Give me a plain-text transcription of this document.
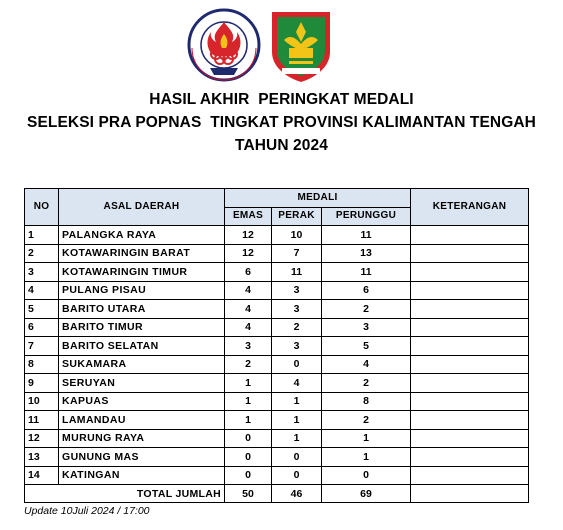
HASIL AKHIR  PERINGKAT MEDALI
SELEKSI PRA POPNAS  TINGKAT PROVINSI KALIMANTAN TENGAH
TAHUN 2024
NO	ASAL DAERAH	MEDALI			KETERANGAN
		EMAS	PERAK	PERUNGGU	
1	PALANGKA RAYA	12	10	11	
2	KOTAWARINGIN BARAT	12	7	13	
3	KOTAWARINGIN TIMUR	6	11	11	
4	PULANG PISAU	4	3	6	
5	BARITO UTARA	4	3	2	
6	BARITO TIMUR	4	2	3	
7	BARITO SELATAN	3	3	5	
8	SUKAMARA	2	0	4	
9	SERUYAN	1	4	2	
10	KAPUAS	1	1	8	
11	LAMANDAU	1	1	2	
12	MURUNG RAYA	0	1	1	
13	GUNUNG MAS	0	0	1	
14	KATINGAN	0	0	0	
TOTAL JUMLAH		50	46	69	
Update 10Juli 2024 / 17:00
